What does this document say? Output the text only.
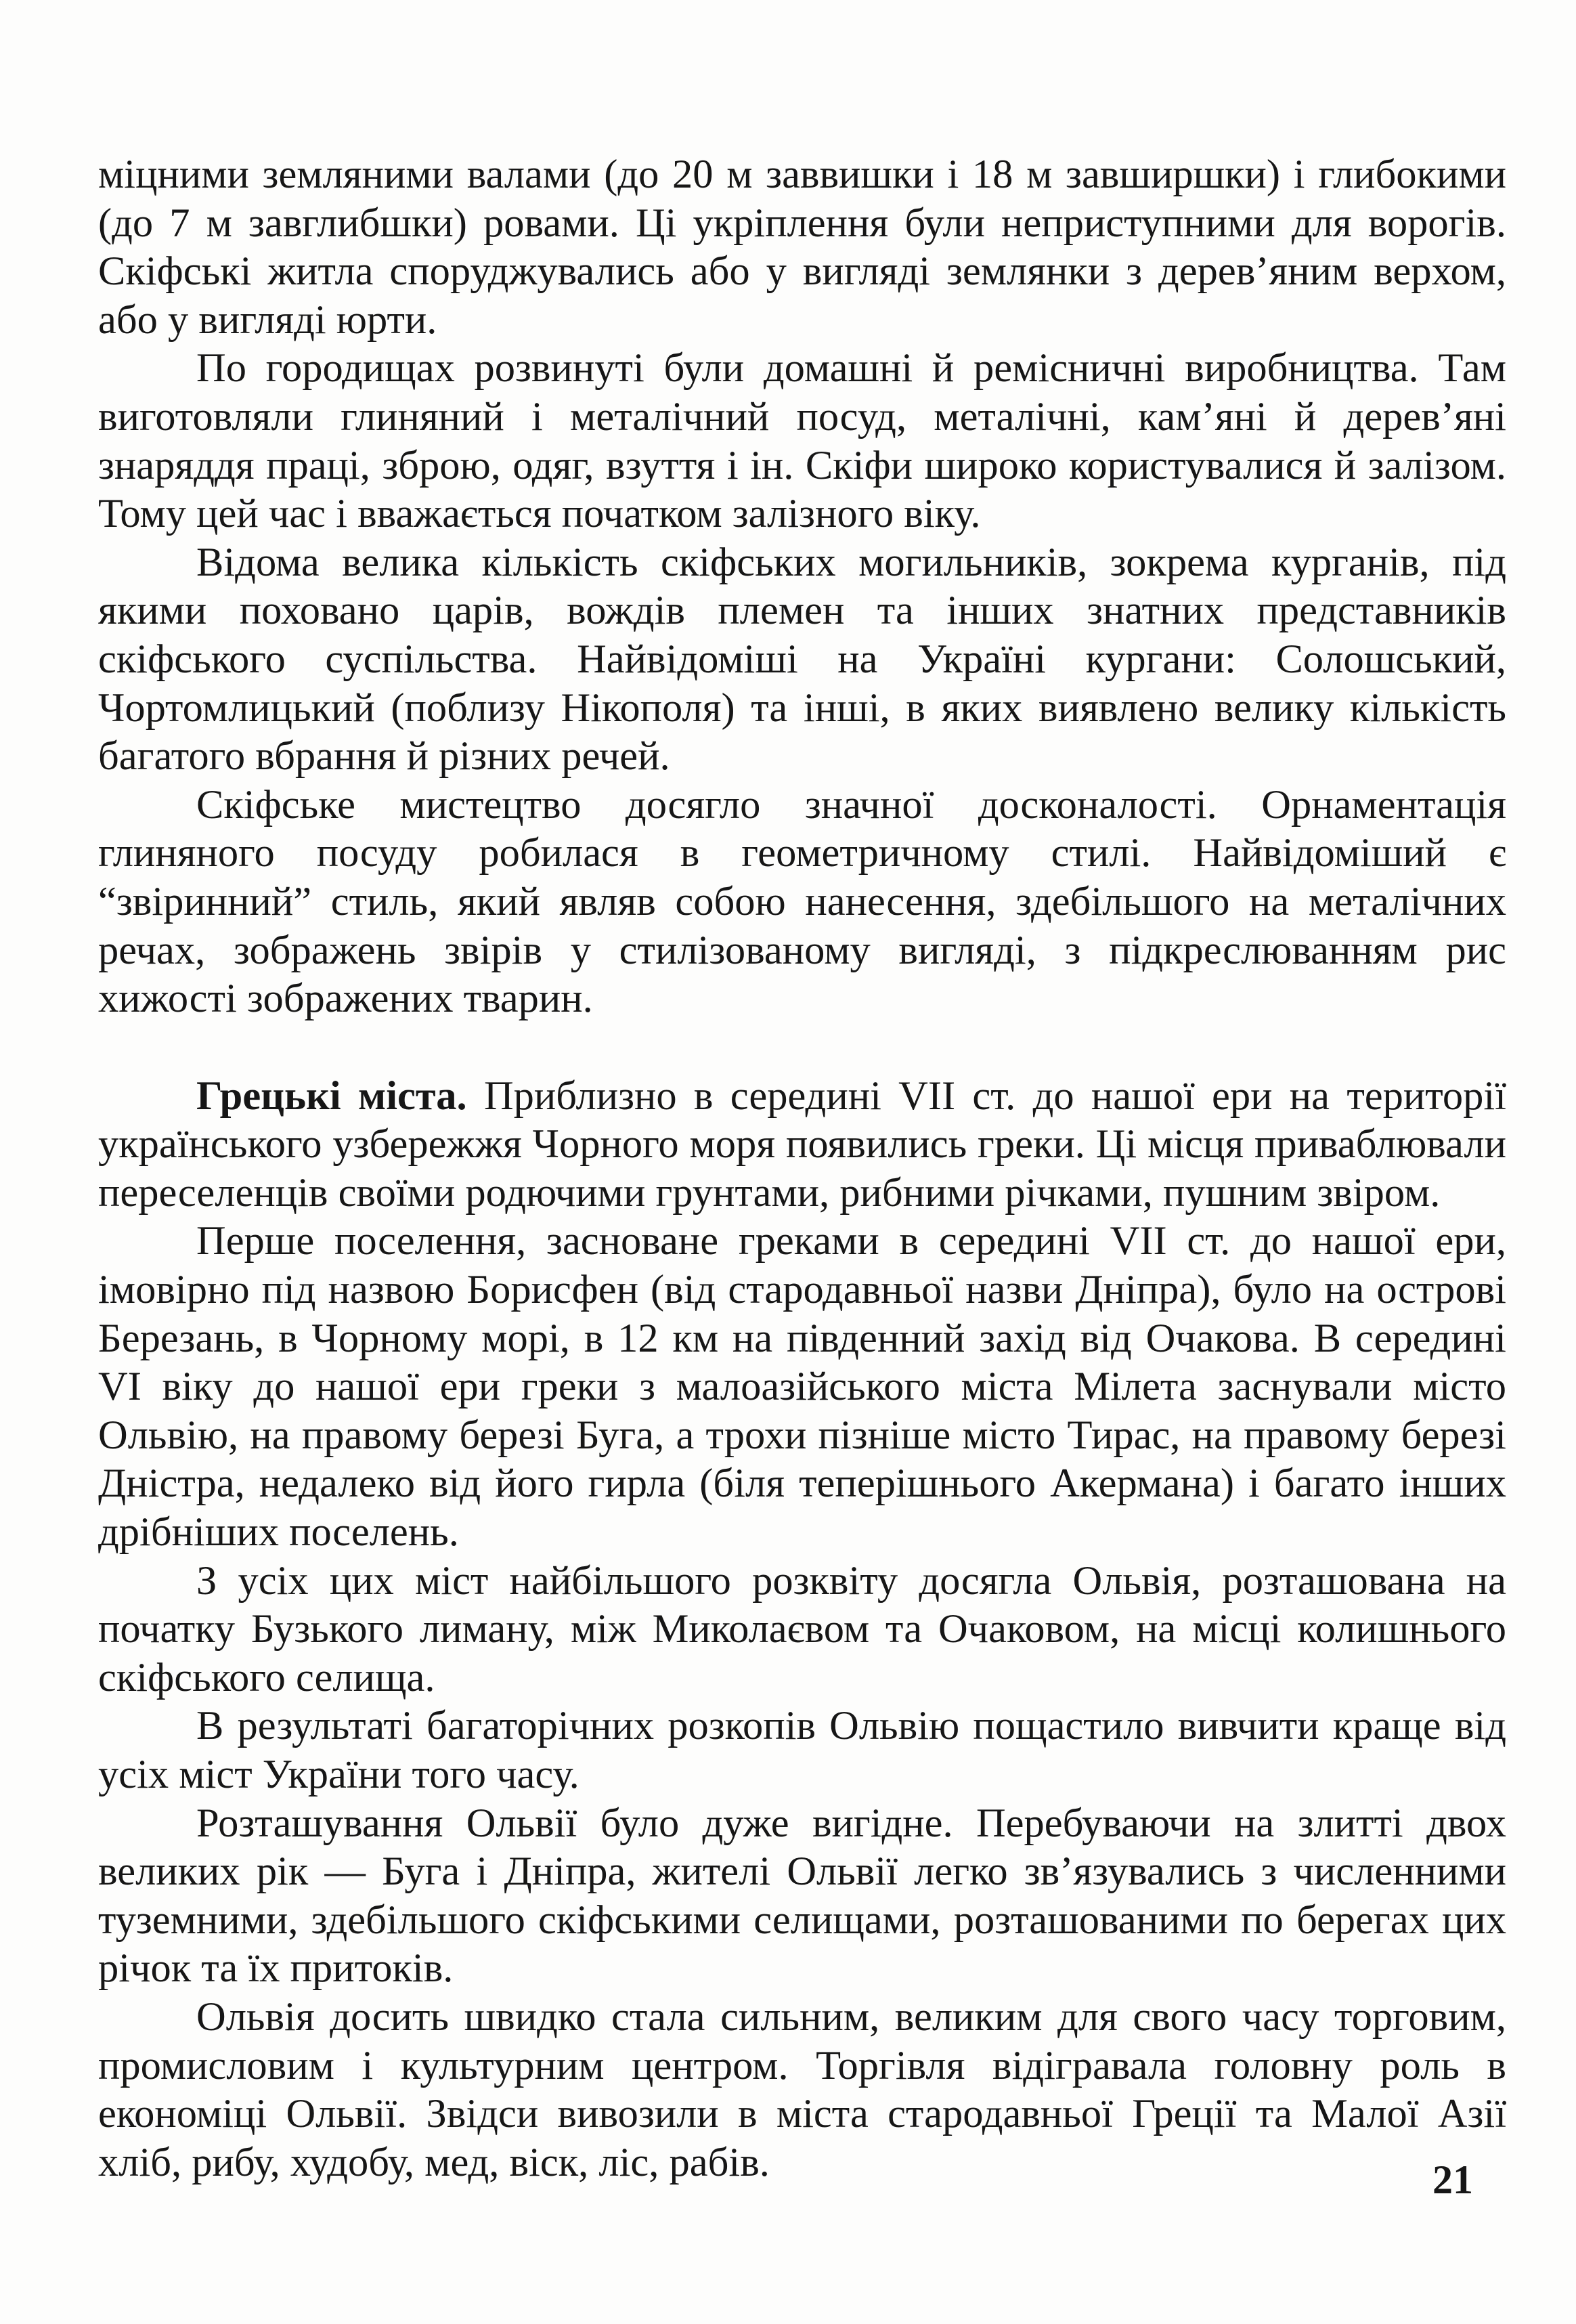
міцними земляними валами (до 20 м заввишки і 18 м завширшки) і глибокими (до 7 м завглибшки) ровами. Ці укріплення були неприступними для ворогів. Скіфські житла споруджувались або у вигляді землянки з дерев’яним верхом, або у вигляді юрти.

По городищах розвинуті були домашні й ремісничні виробництва. Там виготовляли глиняний і металічний посуд, металічні, кам’яні й дерев’яні знаряддя праці, зброю, одяг, взуття і ін. Скіфи широко користувалися й залізом. Тому цей час і вважається початком залізного віку.

Відома велика кількість скіфських могильників, зокрема курганів, під якими поховано царів, вождів племен та інших знатних представників скіфського суспільства. Найвідоміші на Україні кургани: Солошський, Чортомлицький (поблизу Нікополя) та інші, в яких виявлено велику кількість багатого вбрання й різних речей.

Скіфське мистецтво досягло значної досконалості. Орнаментація глиняного посуду робилася в геометричному стилі. Найвідоміший є “звіринний” стиль, який являв собою нанесення, здебільшого на металічних речах, зображень звірів у стилізованому вигляді, з підкреслюванням рис хижості зображених тварин.

Грецькі міста. Приблизно в середині VII ст. до нашої ери на території українського узбережжя Чорного моря появились греки. Ці місця приваблювали переселенців своїми родючими грунтами, рибними річками, пушним звіром.

Перше поселення, засноване греками в середині VII ст. до нашої ери, імовірно під назвою Борисфен (від стародавньої назви Дніпра), було на острові Березань, в Чорному морі, в 12 км на південний захід від Очакова. В середині VI віку до нашої ери греки з малоазійського міста Мілета заснували місто Ольвію, на правому березі Буга, а трохи пізніше місто Тирас, на правому березі Дністра, недалеко від його гирла (біля теперішнього Акермана) і багато інших дрібніших поселень.

З усіх цих міст найбільшого розквіту досягла Ольвія, розташована на початку Бузького лиману, між Миколаєвом та Очаковом, на місці колишнього скіфського селища.

В результаті багаторічних розкопів Ольвію пощастило вивчити краще від усіх міст України того часу.

Розташування Ольвії було дуже вигідне. Перебуваючи на злитті двох великих рік — Буга і Дніпра, жителі Ольвії легко зв’язувались з численними туземними, здебільшого скіфськими селищами, розташованими по берегах цих річок та їх притоків.

Ольвія досить швидко стала сильним, великим для свого часу торговим, промисловим і культурним центром. Торгівля відігравала головну роль в економіці Ольвії. Звідси вивозили в міста стародавньої Греції та Малої Азії хліб, рибу, худобу, мед, віск, ліс, рабів.	21
